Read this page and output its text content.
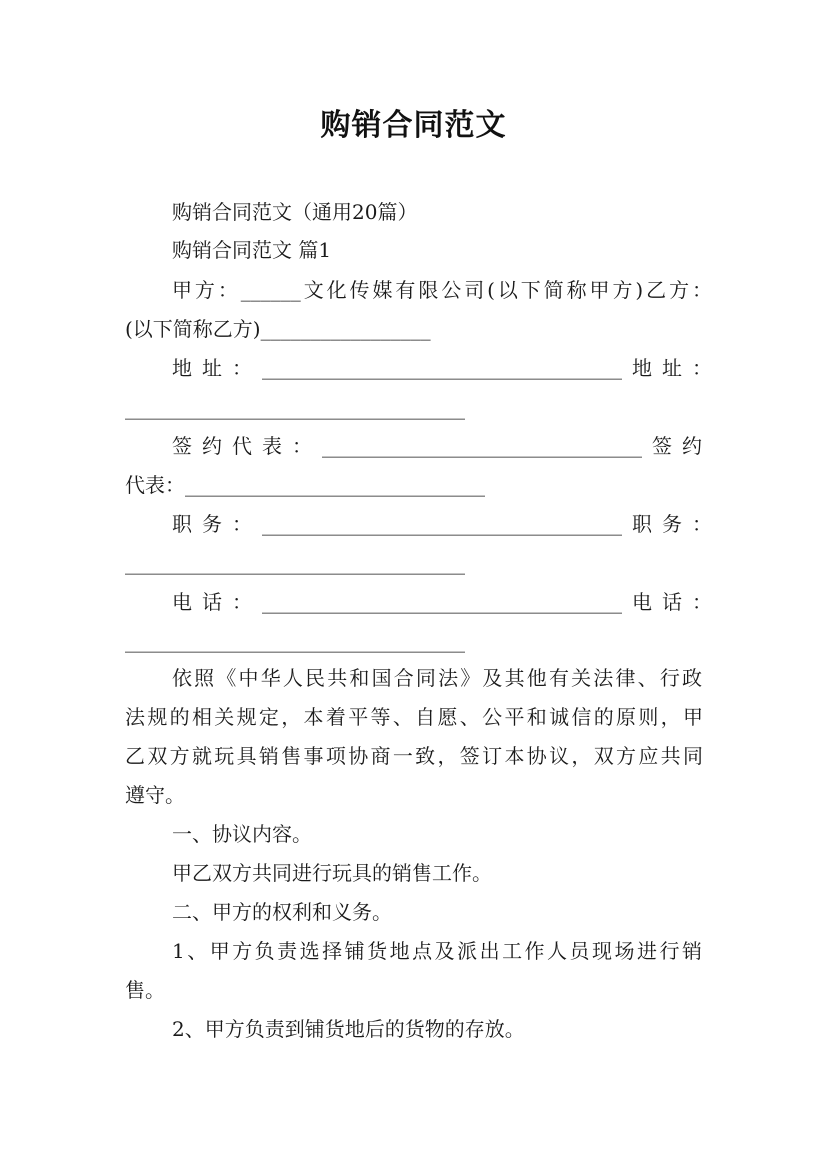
购销合同范文
购销合同范文（通用20篇）
购销合同范文 篇1
甲方：______文化传媒有限公司(以下简称甲方)乙方：
(以下简称乙方)_________________
地址：____________________________________地址：
__________________________________
签约代表：________________________________签约
代表：______________________________
职务：____________________________________职务：
__________________________________
电话：____________________________________电话：
__________________________________
依照《中华人民共和国合同法》及其他有关法律、行政
法规的相关规定，本着平等、自愿、公平和诚信的原则，甲
乙双方就玩具销售事项协商一致，签订本协议，双方应共同
遵守。
一、协议内容。
甲乙双方共同进行玩具的销售工作。
二、甲方的权利和义务。
1、甲方负责选择铺货地点及派出工作人员现场进行销
售。
2、甲方负责到铺货地后的货物的存放。
